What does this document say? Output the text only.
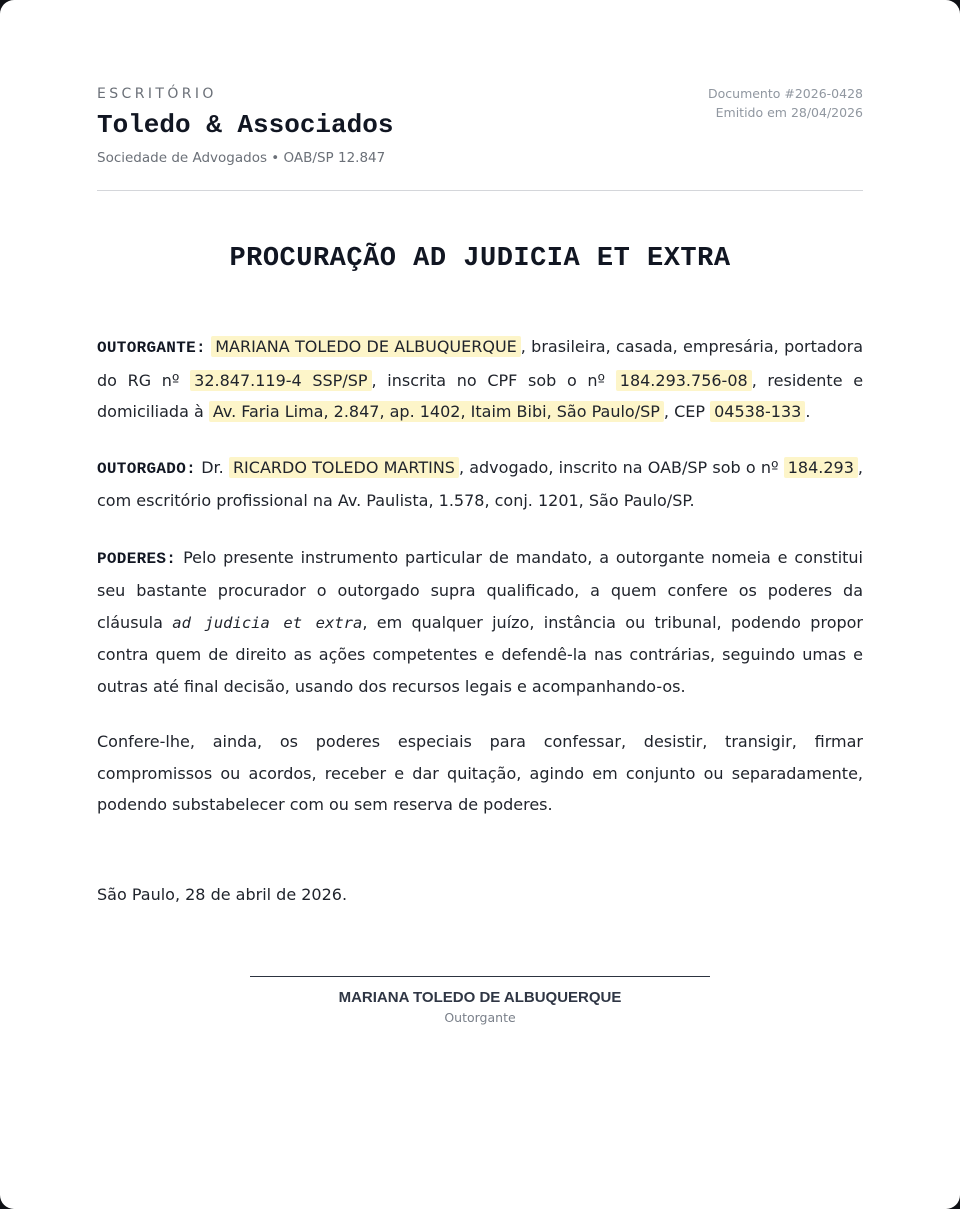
ESCRITÓRIO
Toledo & Associados
Sociedade de Advogados • OAB/SP 12.847
Documento #2026-0428
Emitido em 28/04/2026
PROCURAÇÃO AD JUDICIA ET EXTRA

OUTORGANTE: MARIANA TOLEDO DE ALBUQUERQUE , brasileira, casada, empresária, portadora do RG nº 32.847.119-4 SSP/SP , inscrita no CPF sob o nº 184.293.756-08 , residente e domiciliada à Av. Faria Lima, 2.847, ap. 1402, Itaim Bibi, São Paulo/SP , CEP 04538-133 .

OUTORGADO: Dr. RICARDO TOLEDO MARTINS , advogado, inscrito na OAB/SP sob o nº 184.293 , com escritório profissional na Av. Paulista, 1.578, conj. 1201, São Paulo/SP.

PODERES: Pelo presente instrumento particular de mandato, a outorgante nomeia e constitui seu bastante procurador o outorgado supra qualificado, a quem confere os poderes da cláusula ad judicia et extra, em qualquer juízo, instância ou tribunal, podendo propor contra quem de direito as ações competentes e defendê-la nas contrárias, seguindo umas e outras até final decisão, usando dos recursos legais e acompanhando-os.

Confere-lhe, ainda, os poderes especiais para confessar, desistir, transigir, firmar compromissos ou acordos, receber e dar quitação, agindo em conjunto ou separadamente, podendo substabelecer com ou sem reserva de poderes.

São Paulo, 28 de abril de 2026.
MARIANA TOLEDO DE ALBUQUERQUE
Outorgante
